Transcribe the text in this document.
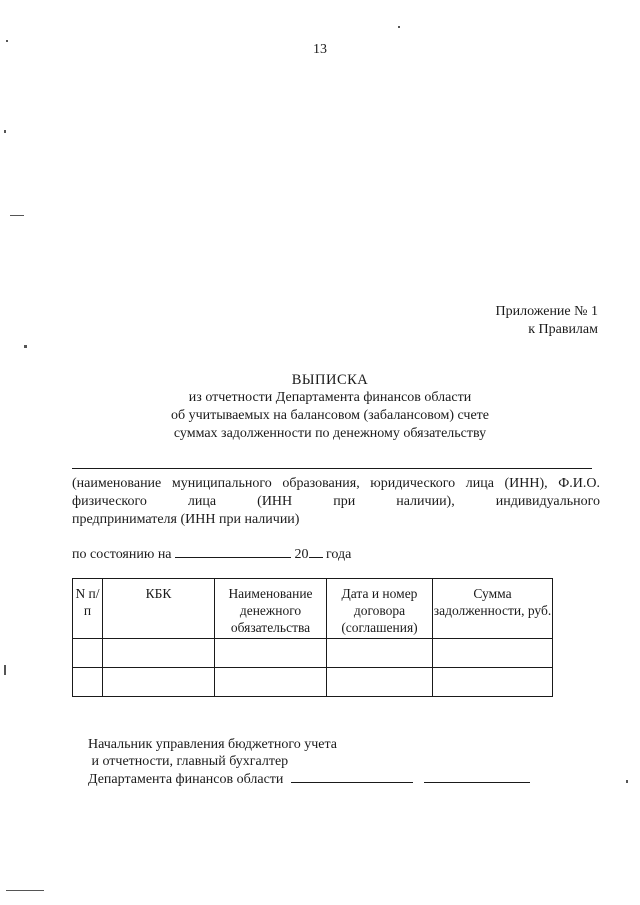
13
Приложение № 1
к Правилам
ВЫПИСКА
из отчетности Департамента финансов области
об учитываемых на балансовом (забалансовом) счете
суммах задолженности по денежному обязательству
(наименование муниципального образования, юридического лица (ИНН), Ф.И.О. физического лица (ИНН при наличии), индивидуального
предпринимателя (ИНН при наличии)
по состоянию на	20 года
N п/п	КБК	Наименование денежного обязательства	Дата и номер договора (соглашения)	Сумма задолженности, руб.

Начальник управления бюджетного учета
и отчетности, главный бухгалтер
Департамента финансов области
